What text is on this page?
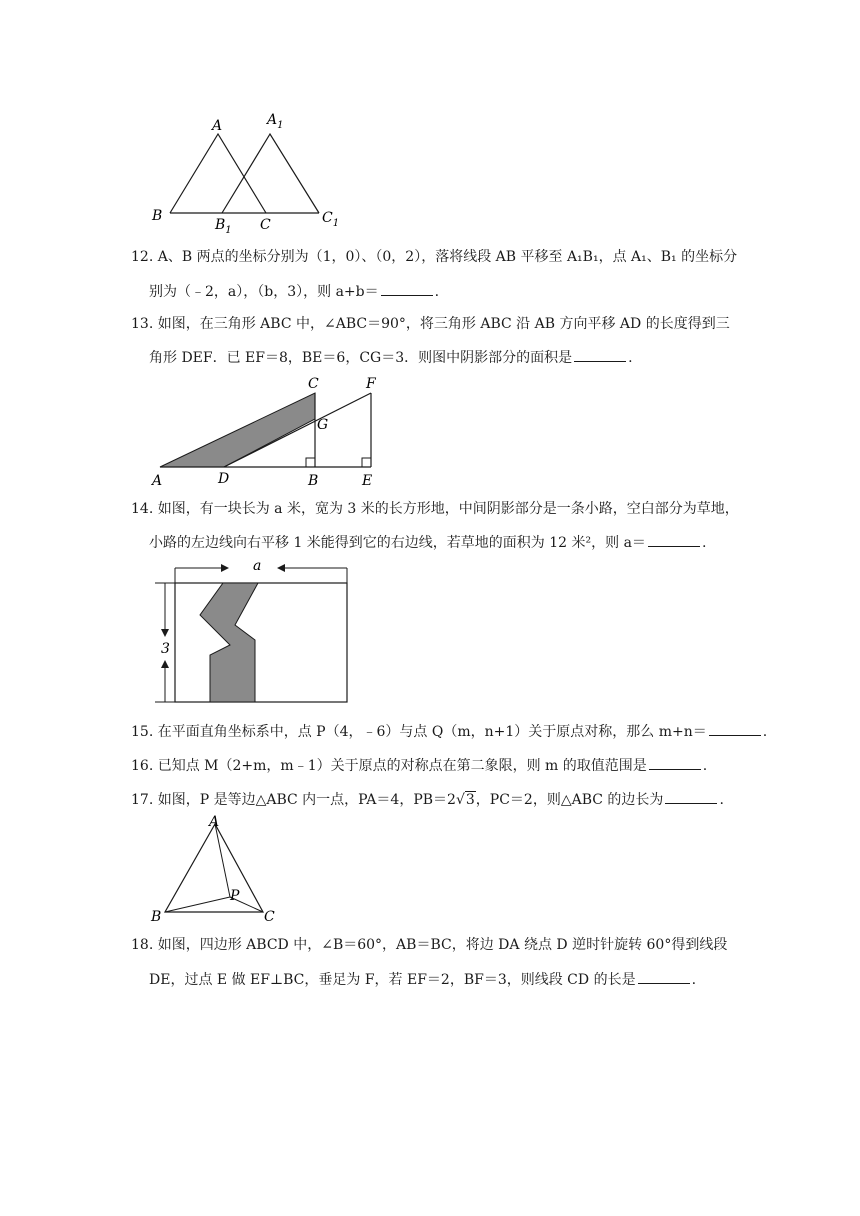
A	$A_1$
B
$B_1$ C	$C_1$
12. A、B 两点的坐标分别为（1，0）、（0，2），落将线段 AB 平移至 A₁B₁，点 A₁、B₁ 的坐标分
别为（﹣2，a），（b，3），则 a+b＝	.
13. 如图，在三角形 ABC 中，∠ABC＝90°，将三角形 ABC 沿 AB 方向平移 AD 的长度得到三
角形 DEF．已 EF＝8，BE＝6，CG＝3．则图中阴影部分的面积是	.
A	D	B	E
C	F
G
14. 如图，有一块长为 a 米，宽为 3 米的长方形地，中间阴影部分是一条小路，空白部分为草地，
小路的左边线向右平移 1 米能得到它的右边线，若草地的面积为 12 米²，则 a＝	.
a
3
15. 在平面直角坐标系中，点 P（4，﹣6）与点 Q（m，n+1）关于原点对称，那么 m+n＝	.
16. 已知点 M（2+m，m﹣1）关于原点的对称点在第二象限，则 m 的取值范围是	.
17. 如图，P 是等边△ABC 内一点，PA＝4，PB＝2√3，PC＝2，则△ABC 的边长为	.
A
B	C
P
18. 如图，四边形 ABCD 中，∠B＝60°，AB＝BC，将边 DA 绕点 D 逆时针旋转 60°得到线段
DE，过点 E 做 EF⊥BC，垂足为 F，若 EF＝2，BF＝3，则线段 CD 的长是	.
